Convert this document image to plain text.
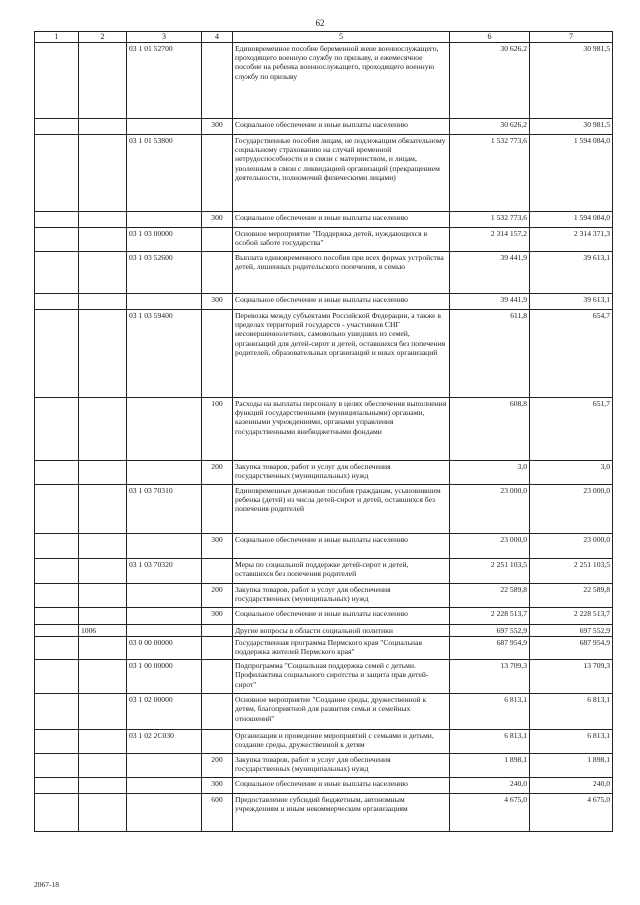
62
1	2	3	4	5	6	7
		03 1 01 52700		Единовременное пособие беременной жене военнослужащего, проходящего военную службу по призыву, и ежемесячное пособие на ребенка военнослужащего, проходящего военную службу по призыву	30 626,2	30 981,5
			300	Социальное обеспечение и иные выплаты населению	30 626,2	30 981,5
		03 1 01 53800		Государственные пособия лицам, не подлежащим обязательному социальному страхованию на случай временной нетрудоспособности и в связи с материнством, и лицам, уволенным в связи с ликвидацией организаций (прекращением деятельности, полномочий физическими лицами)	1 532 773,6	1 594 084,0
			300	Социальное обеспечение и иные выплаты населению	1 532 773,6	1 594 084,0
		03 1 03 00000		Основное мероприятие "Поддержка детей, нуждающихся в особой заботе государства"	2 314 157,2	2 314 371,3
		03 1 03 52600		Выплата единовременного пособия при всех формах устройства детей, лишенных родительского попечения, в семью	39 441,9	39 613,1
			300	Социальное обеспечение и иные выплаты населению	39 441,9	39 613,1
		03 1 03 59400		Перевозка между субъектами Российской Федерации, а также в пределах территорий государств - участников СНГ несовершеннолетних, самовольно ушедших из семей, организаций для детей-сирот и детей, оставшихся без попечения родителей, образовательных организаций и иных организаций	611,8	654,7
			100	Расходы на выплаты персоналу в целях обеспечения выполнения функций государственными (муниципальными) органами, казенными учреждениями, органами управления государственными внебюджетными фондами	608,8	651,7
			200	Закупка товаров, работ и услуг для обеспечения государственных (муниципальных) нужд	3,0	3,0
		03 1 03 70310		Единовременные денежные пособия гражданам, усыновившим ребенка (детей) из числа детей-сирот и детей, оставшихся без попечения родителей	23 000,0	23 000,0
			300	Социальное обеспечение и иные выплаты населению	23 000,0	23 000,0
		03 1 03 70320		Меры по социальной поддержке детей-сирот и детей, оставшихся без попечения родителей	2 251 103,5	2 251 103,5
			200	Закупка товаров, работ и услуг для обеспечения государственных (муниципальных) нужд	22 589,8	22 589,8
			300	Социальное обеспечение и иные выплаты населению	2 228 513,7	2 228 513,7
	1006			Другие вопросы в области социальной политики	697 552,9	697 552,9
		03 0 00 00000		Государственная программа Пермского края "Социальная поддержка жителей Пермского края"	687 954,9	687 954,9
		03 1 00 00000		Подпрограмма "Социальная поддержка семей с детьми. Профилактика социального сиротства и защита прав детей-сирот"	13 709,3	13 709,3
		03 1 02 00000		Основное мероприятие "Создание среды, дружественной к детям, благоприятной для развития семьи и семейных отношений"	6 813,1	6 813,1
		03 1 02 2С030		Организация и проведение мероприятий с семьями и детьми, создание среды, дружественной к детям	6 813,1	6 813,1
			200	Закупка товаров, работ и услуг для обеспечения государственных (муниципальных) нужд	1 898,1	1 898,1
			300	Социальное обеспечение и иные выплаты населению	240,0	240,0
			600	Предоставление субсидий бюджетным, автономным учреждениям и иным некоммерческим организациям	4 675,0	4 675,0
2067-18
